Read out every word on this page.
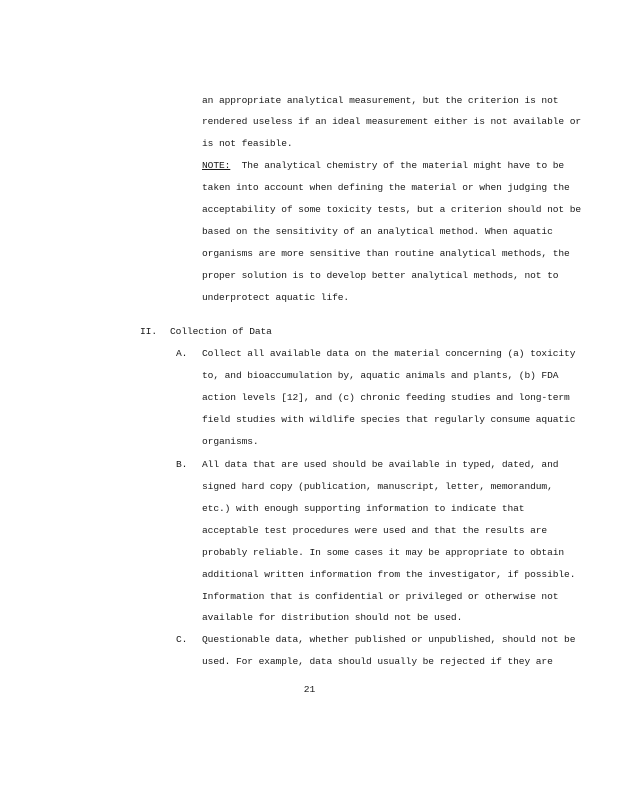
an appropriate analytical measurement, but the criterion is not
rendered useless if an ideal measurement either is not available or
is not feasible.
NOTE: The analytical chemistry of the material might have to be
taken into account when defining the material or when judging the
acceptability of some toxicity tests, but a criterion should not be
based on the sensitivity of an analytical method. When aquatic
organisms are more sensitive than routine analytical methods, the
proper solution is to develop better analytical methods, not to
underprotect aquatic life.
II. Collection of Data
A. Collect all available data on the material concerning (a) toxicity
to, and bioaccumulation by, aquatic animals and plants, (b) FDA
action levels [12], and (c) chronic feeding studies and long-term
field studies with wildlife species that regularly consume aquatic
organisms.
B. All data that are used should be available in typed, dated, and
signed hard copy (publication, manuscript, letter, memorandum,
etc.) with enough supporting information to indicate that
acceptable test procedures were used and that the results are
probably reliable. In some cases it may be appropriate to obtain
additional written information from the investigator, if possible.
Information that is confidential or privileged or otherwise not
available for distribution should not be used.
C. Questionable data, whether published or unpublished, should not be
used. For example, data should usually be rejected if they are
21
